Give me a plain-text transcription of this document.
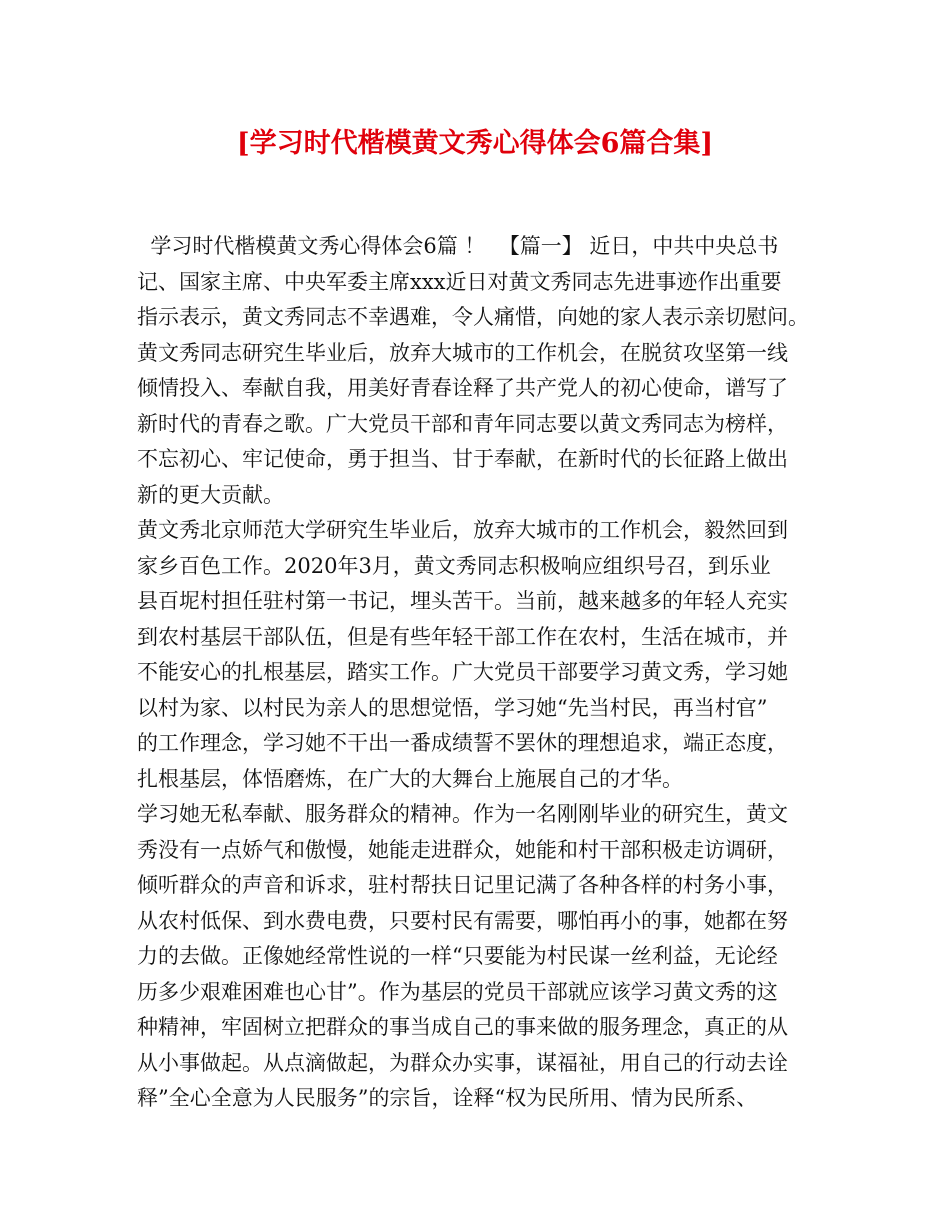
[学习时代楷模黄文秀心得体会6篇合集]
学习时代楷模黄文秀心得体会6篇 ！  【篇一】 近日，中共中央总书
记、国家主席、中央军委主席xxx近日对黄文秀同志先进事迹作出重要
指示表示，黄文秀同志不幸遇难，令人痛惜，向她的家人表示亲切慰问。
黄文秀同志研究生毕业后，放弃大城市的工作机会，在脱贫攻坚第一线
倾情投入、奉献自我，用美好青春诠释了共产党人的初心使命，谱写了
新时代的青春之歌。广大党员干部和青年同志要以黄文秀同志为榜样，
不忘初心、牢记使命，勇于担当、甘于奉献，在新时代的长征路上做出
新的更大贡献。
黄文秀北京师范大学研究生毕业后，放弃大城市的工作机会，毅然回到
家乡百色工作。2020年3月，黄文秀同志积极响应组织号召，到乐业
县百坭村担任驻村第一书记，埋头苦干。当前，越来越多的年轻人充实
到农村基层干部队伍，但是有些年轻干部工作在农村，生活在城市，并
不能安心的扎根基层，踏实工作。广大党员干部要学习黄文秀，学习她
以村为家、以村民为亲人的思想觉悟，学习她“先当村民，再当村官”
的工作理念，学习她不干出一番成绩誓不罢休的理想追求，端正态度，
扎根基层，体悟磨炼，在广大的大舞台上施展自己的才华。
学习她无私奉献、服务群众的精神。作为一名刚刚毕业的研究生，黄文
秀没有一点娇气和傲慢，她能走进群众，她能和村干部积极走访调研，
倾听群众的声音和诉求，驻村帮扶日记里记满了各种各样的村务小事，
从农村低保、到水费电费，只要村民有需要，哪怕再小的事，她都在努
力的去做。正像她经常性说的一样“只要能为村民谋一丝利益，无论经
历多少艰难困难也心甘”。作为基层的党员干部就应该学习黄文秀的这
种精神，牢固树立把群众的事当成自己的事来做的服务理念，真正的从
从小事做起。从点滴做起，为群众办实事，谋福祉，用自己的行动去诠
释”全心全意为人民服务”的宗旨，诠释“权为民所用、情为民所系、
